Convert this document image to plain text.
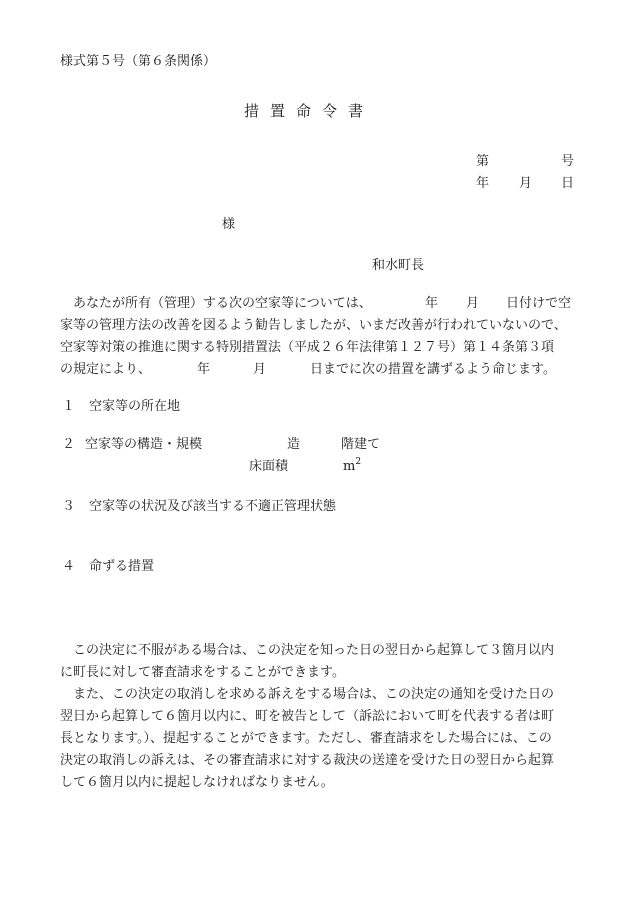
様式第５号（第６条関係）
措置命令書
第	号
年 月 日
様
和水町長
あなたが所有（管理）する次の空家等については、	年 月 日付けで空
家等の管理方法の改善を図るよう勧告しましたが、いまだ改善が行われていないので、
空家等対策の推進に関する特別措置法（平成２６年法律第１２７号）第１４条第３項
の規定により、	年	月	日までに次の措置を講ずるよう命じます。
１ 空家等の所在地
２ 空家等の構造・規模	造	階建て
床面積	$m^2$
３ 空家等の状況及び該当する不適正管理状態
４ 命ずる措置
この決定に不服がある場合は、この決定を知った日の翌日から起算して３箇月以内
に町長に対して審査請求をすることができます。
また、この決定の取消しを求める訴えをする場合は、この決定の通知を受けた日の
翌日から起算して６箇月以内に、町を被告として（訴訟において町を代表する者は町
長となります。）、提起することができます。ただし、審査請求をした場合には、この
決定の取消しの訴えは、その審査請求に対する裁決の送達を受けた日の翌日から起算
して６箇月以内に提起しなければなりません。
